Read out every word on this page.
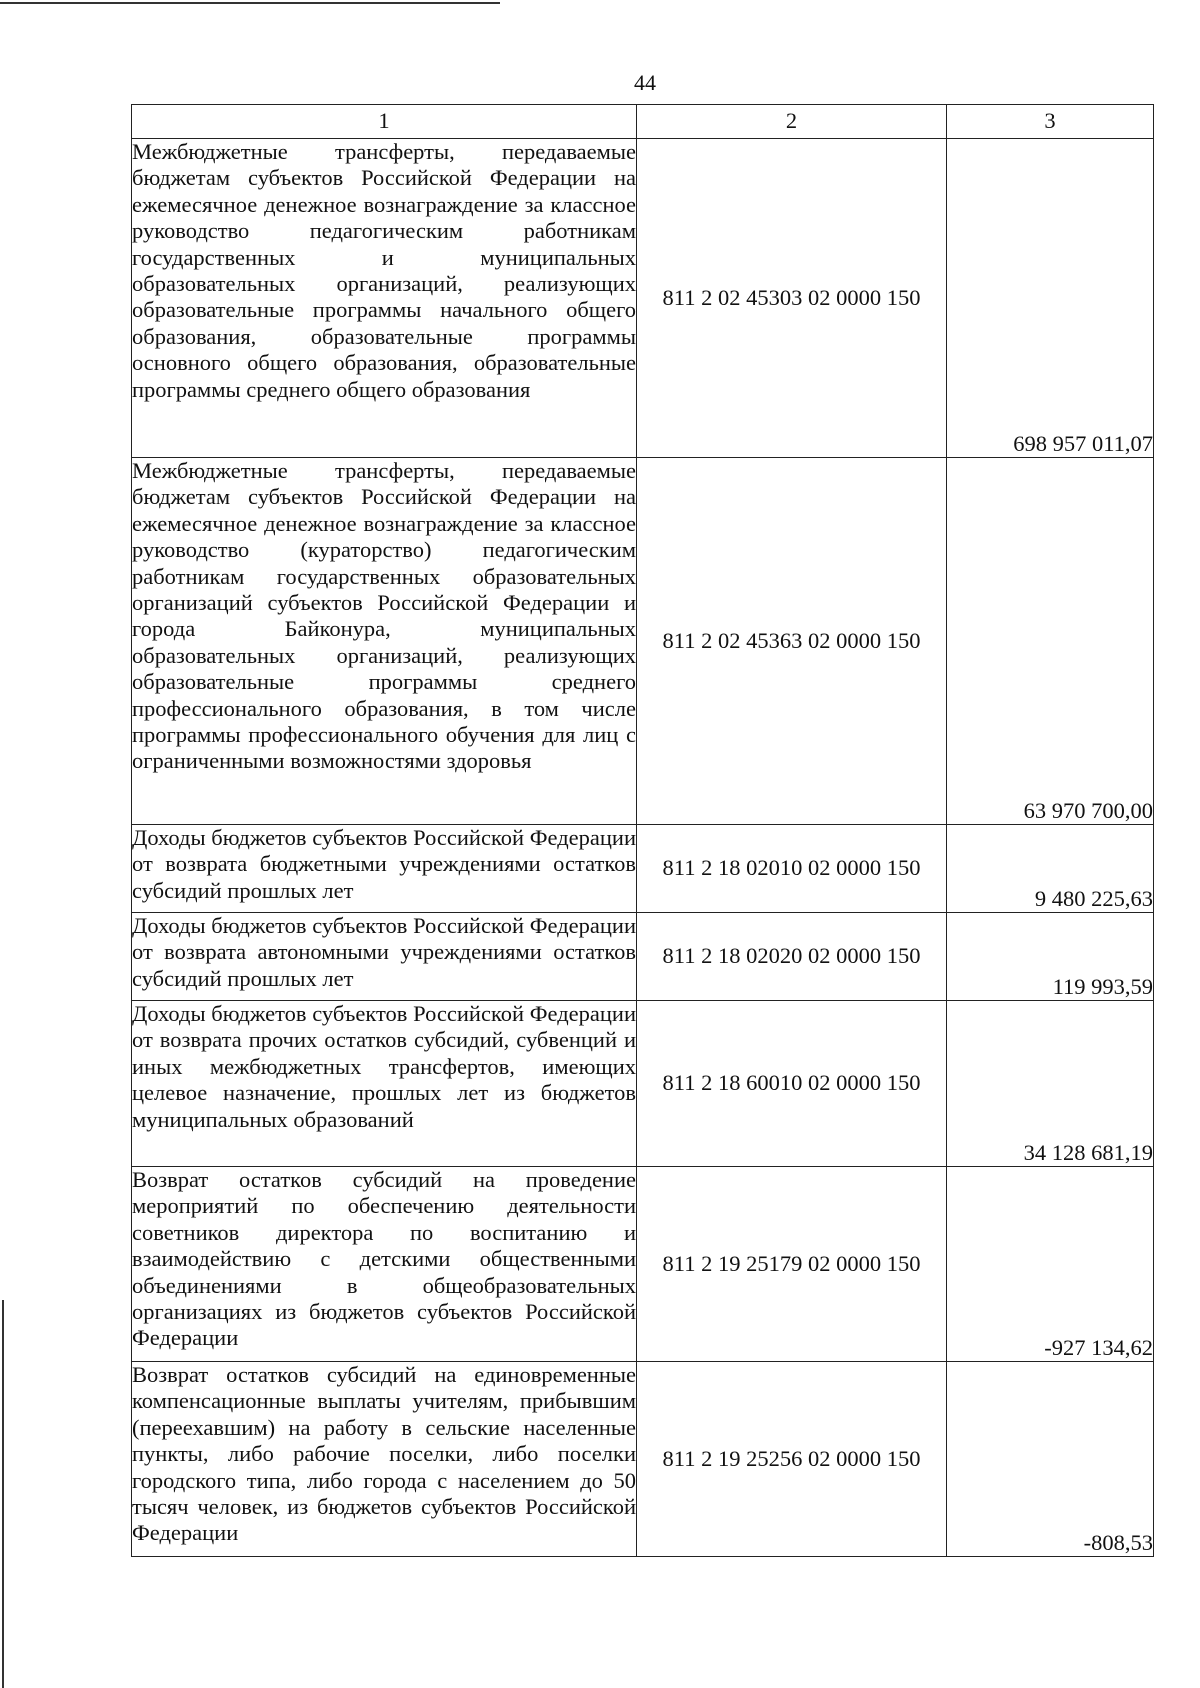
44
1	2	3
Межбюджетные трансферты, передаваемые бюджетам субъектов Российской Федерации на ежемесячное денежное вознаграждение за классное руководство педагогическим работникам государственных и муниципальных образовательных организаций, реализующих образовательные программы начального общего образования, образовательные программы основного общего образования, образовательные программы среднего общего образования	811 2 02 45303 02 0000 150	698 957 011,07
Межбюджетные трансферты, передаваемые бюджетам субъектов Российской Федерации на ежемесячное денежное вознаграждение за классное руководство (кураторство) педагогическим работникам государственных образовательных организаций субъектов Российской Федерации и города Байконура, муниципальных образовательных организаций, реализующих образовательные программы среднего профессионального образования, в том числе программы профессионального обучения для лиц с ограниченными возможностями здоровья	811 2 02 45363 02 0000 150	63 970 700,00
Доходы бюджетов субъектов Российской Федерации от возврата бюджетными учреждениями остатков субсидий прошлых лет	811 2 18 02010 02 0000 150	9 480 225,63
Доходы бюджетов субъектов Российской Федерации от возврата автономными учреждениями остатков субсидий прошлых лет	811 2 18 02020 02 0000 150	119 993,59
Доходы бюджетов субъектов Российской Федерации от возврата прочих остатков субсидий, субвенций и иных межбюджетных трансфертов, имеющих целевое назначение, прошлых лет из бюджетов муниципальных образований	811 2 18 60010 02 0000 150	34 128 681,19
Возврат остатков субсидий на проведение мероприятий по обеспечению деятельности советников директора по воспитанию и взаимодействию с детскими общественными объединениями в общеобразовательных организациях из бюджетов субъектов Российской Федерации	811 2 19 25179 02 0000 150	-927 134,62
Возврат остатков субсидий на единовременные компенсационные выплаты учителям, прибывшим (переехавшим) на работу в сельские населенные пункты, либо рабочие поселки, либо поселки городского типа, либо города с населением до 50 тысяч человек, из бюджетов субъектов Российской Федерации	811 2 19 25256 02 0000 150	-808,53
